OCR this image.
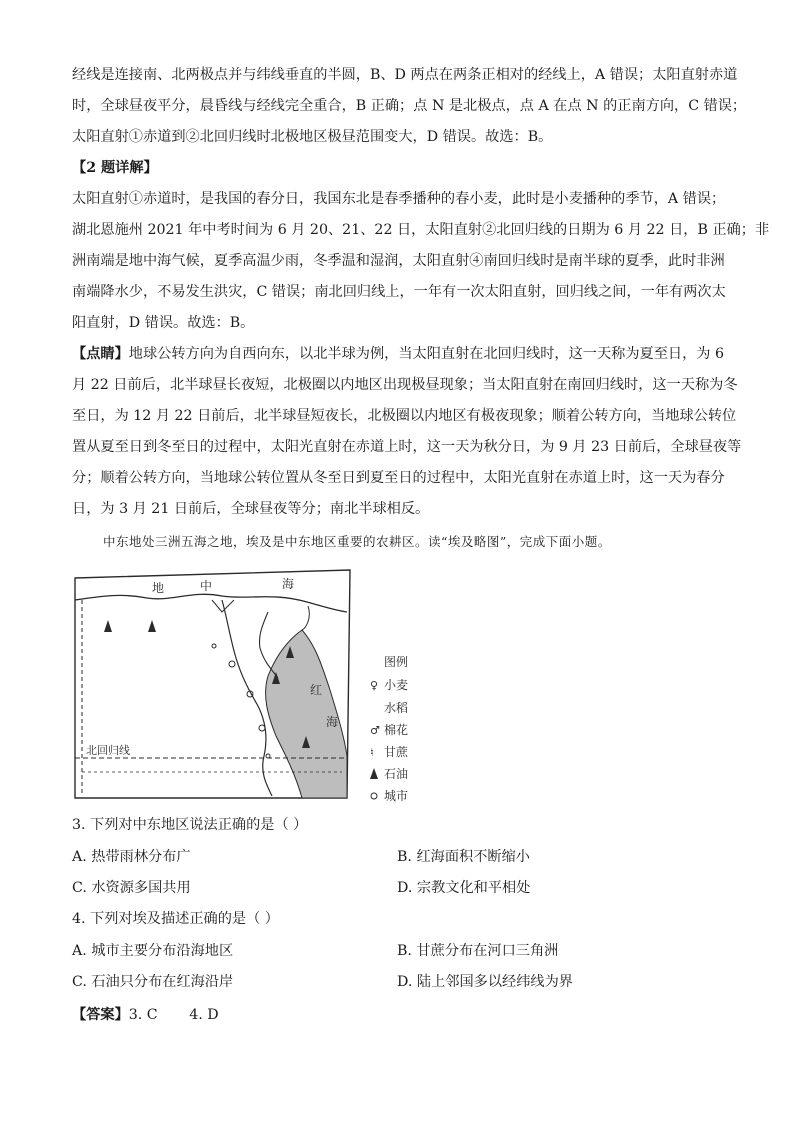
经线是连接南、北两极点并与纬线垂直的半圆，B、D 两点在两条正相对的经线上，A 错误；太阳直射赤道
时，全球昼夜平分，晨昏线与经线完全重合，B 正确；点 N 是北极点，点 A 在点 N 的正南方向，C 错误；
太阳直射①赤道到②北回归线时北极地区极昼范围变大，D 错误。故选：B。
【2 题详解】
太阳直射①赤道时，是我国的春分日，我国东北是春季播种的春小麦，此时是小麦播种的季节，A 错误；
湖北恩施州 2021 年中考时间为 6 月 20、21、22 日，太阳直射②北回归线的日期为 6 月 22 日，B 正确；非
洲南端是地中海气候，夏季高温少雨，冬季温和湿润，太阳直射④南回归线时是南半球的夏季，此时非洲
南端降水少，不易发生洪灾，C 错误；南北回归线上，一年有一次太阳直射，回归线之间，一年有两次太
阳直射，D 错误。故选：B。
【点睛】地球公转方向为自西向东，以北半球为例，当太阳直射在北回归线时，这一天称为夏至日，为 6
月 22 日前后，北半球昼长夜短，北极圈以内地区出现极昼现象；当太阳直射在南回归线时，这一天称为冬
至日，为 12 月 22 日前后，北半球昼短夜长，北极圈以内地区有极夜现象；顺着公转方向，当地球公转位
置从夏至日到冬至日的过程中，太阳光直射在赤道上时，这一天为秋分日，为 9 月 23 日前后，全球昼夜等
分；顺着公转方向，当地球公转位置从冬至日到夏至日的过程中，太阳光直射在赤道上时，这一天为春分
日，为 3 月 21 日前后，全球昼夜等分；南北半球相反。
中东地处三洲五海之地，埃及是中东地区重要的农耕区。读“埃及略图”，完成下面小题。
地	中	海
红
海
北回归线
图例
♀ 小麦
水稻
♂ 棉花
♮ 甘蔗
石油
城市
3. 下列对中东地区说法正确的是（ ）
A. 热带雨林分布广	B. 红海面积不断缩小
C. 水资源多国共用	D. 宗教文化和平相处
4. 下列对埃及描述正确的是（ ）
A. 城市主要分布沿海地区	B. 甘蔗分布在河口三角洲
C. 石油只分布在红海沿岸	D. 陆上邻国多以经纬线为界
【答案】3. C       4. D
